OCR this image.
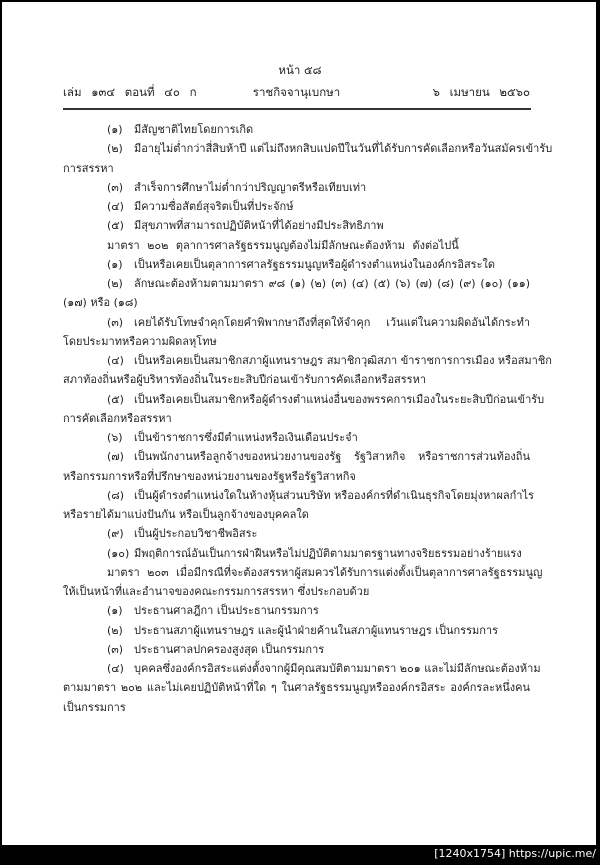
หน้า ๕๘
เล่ม ๑๓๔ ตอนที่ ๔๐ ก	ราชกิจจานุเบกษา	๖ เมษายน ๒๕๖๐
(๑) มีสัญชาติไทยโดยการเกิด
(๒) มีอายุไม่ต่ำกว่าสี่สิบห้าปี แต่ไม่ถึงหกสิบแปดปีในวันที่ได้รับการคัดเลือกหรือวันสมัครเข้ารับ
การสรรหา
(๓) สำเร็จการศึกษาไม่ต่ำกว่าปริญญาตรีหรือเทียบเท่า
(๔) มีความซื่อสัตย์สุจริตเป็นที่ประจักษ์
(๕) มีสุขภาพที่สามารถปฏิบัติหน้าที่ได้อย่างมีประสิทธิภาพ
มาตรา ๒๐๒ ตุลาการศาลรัฐธรรมนูญต้องไม่มีลักษณะต้องห้าม ดังต่อไปนี้
(๑) เป็นหรือเคยเป็นตุลาการศาลรัฐธรรมนูญหรือผู้ดำรงตำแหน่งในองค์กรอิสระใด
(๒) ลักษณะต้องห้ามตามมาตรา ๙๘ (๑) (๒) (๓) (๔) (๕) (๖) (๗) (๘) (๙) (๑๐) (๑๑)
(๑๗) หรือ (๑๘)
(๓) เคยได้รับโทษจำคุกโดยคำพิพากษาถึงที่สุดให้จำคุก เว้นแต่ในความผิดอันได้กระทำ
โดยประมาทหรือความผิดลหุโทษ
(๔) เป็นหรือเคยเป็นสมาชิกสภาผู้แทนราษฎร สมาชิกวุฒิสภา ข้าราชการการเมือง หรือสมาชิก
สภาท้องถิ่นหรือผู้บริหารท้องถิ่นในระยะสิบปีก่อนเข้ารับการคัดเลือกหรือสรรหา
(๕) เป็นหรือเคยเป็นสมาชิกหรือผู้ดำรงตำแหน่งอื่นของพรรคการเมืองในระยะสิบปีก่อนเข้ารับ
การคัดเลือกหรือสรรหา
(๖) เป็นข้าราชการซึ่งมีตำแหน่งหรือเงินเดือนประจำ
(๗) เป็นพนักงานหรือลูกจ้างของหน่วยงานของรัฐ รัฐวิสาหกิจ หรือราชการส่วนท้องถิ่น
หรือกรรมการหรือที่ปรึกษาของหน่วยงานของรัฐหรือรัฐวิสาหกิจ
(๘) เป็นผู้ดำรงตำแหน่งใดในห้างหุ้นส่วนบริษัท หรือองค์กรที่ดำเนินธุรกิจโดยมุ่งหาผลกำไร
หรือรายได้มาแบ่งปันกัน หรือเป็นลูกจ้างของบุคคลใด
(๙) เป็นผู้ประกอบวิชาชีพอิสระ
(๑๐) มีพฤติการณ์อันเป็นการฝ่าฝืนหรือไม่ปฏิบัติตามมาตรฐานทางจริยธรรมอย่างร้ายแรง
มาตรา ๒๐๓ เมื่อมีกรณีที่จะต้องสรรหาผู้สมควรได้รับการแต่งตั้งเป็นตุลาการศาลรัฐธรรมนูญ
ให้เป็นหน้าที่และอำนาจของคณะกรรมการสรรหา ซึ่งประกอบด้วย
(๑) ประธานศาลฎีกา เป็นประธานกรรมการ
(๒) ประธานสภาผู้แทนราษฎร และผู้นำฝ่ายค้านในสภาผู้แทนราษฎร เป็นกรรมการ
(๓) ประธานศาลปกครองสูงสุด เป็นกรรมการ
(๔) บุคคลซึ่งองค์กรอิสระแต่งตั้งจากผู้มีคุณสมบัติตามมาตรา ๒๐๑ และไม่มีลักษณะต้องห้าม
ตามมาตรา ๒๐๒ และไม่เคยปฏิบัติหน้าที่ใด ๆ ในศาลรัฐธรรมนูญหรือองค์กรอิสระ องค์กรละหนึ่งคน
เป็นกรรมการ
[1240x1754] https://upic.me/
